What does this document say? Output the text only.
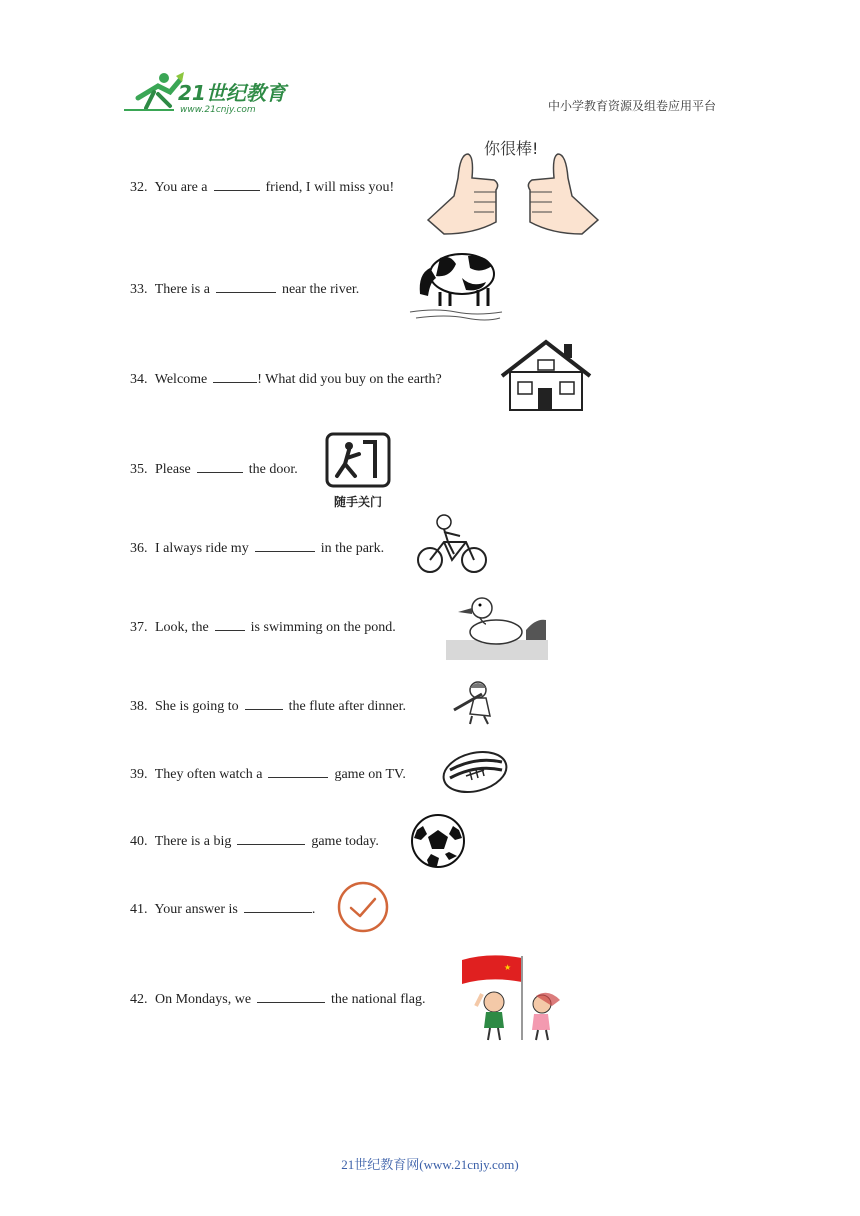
21世纪教育
www.21cnjy.com	中小学教育资源及组卷应用平台
32. You are a	friend, I will miss you!
你很棒!
33. There is a	near the river.
34. Welcome	! What did you buy on the earth?
35. Please	the door.
随手关门
36. I always ride my	in the park.
37. Look, the	is swimming on the pond.
38. She is going to	the flute after dinner.
39. They often watch a	game on TV.
40. There is a big	game today.
41. Your answer is	.
42. On Mondays, we	the national flag.
★
21世纪教育网(www.21cnjy.com)
